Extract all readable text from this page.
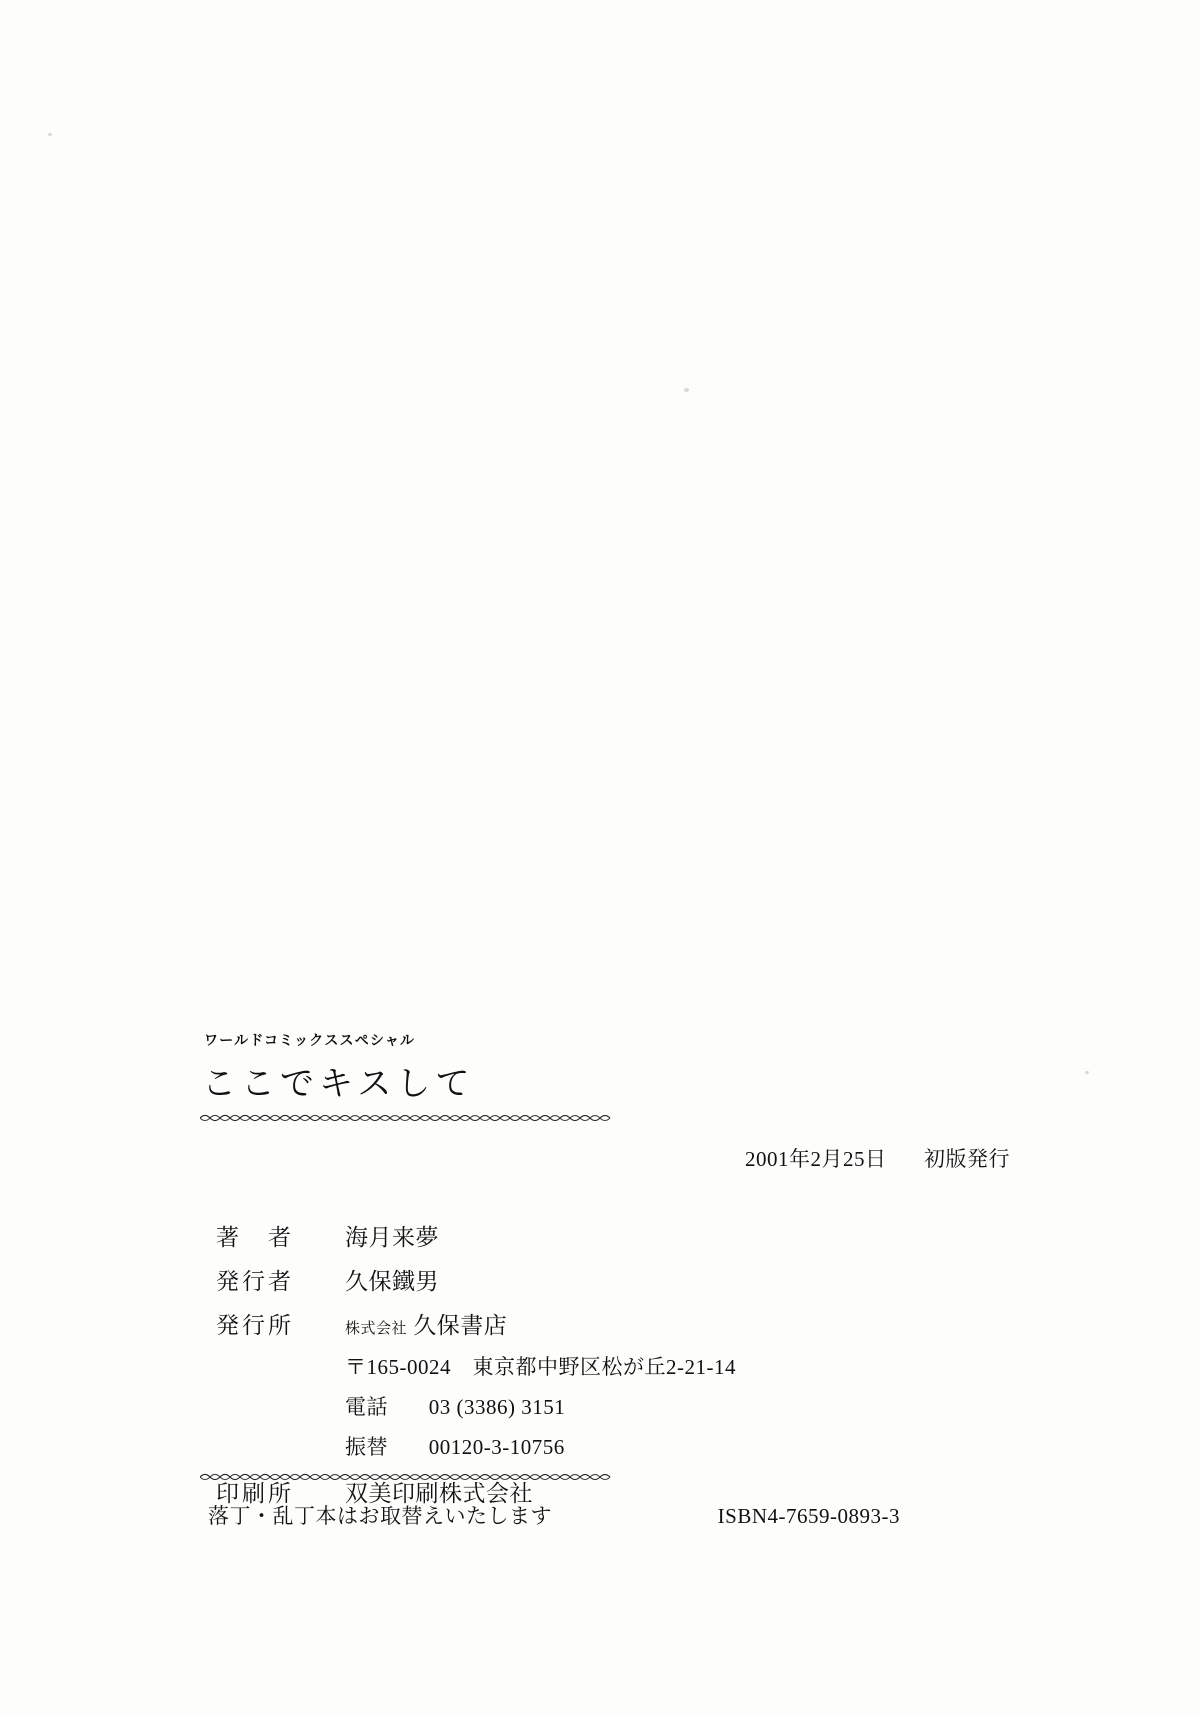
ワールドコミックススペシャル
ここでキスして
2001年2月25日 初版発行
著　者	海月来夢
発行者	久保鐵男
発行所	株式会社 久保書店
〒165-0024　東京都中野区松が丘2-21-14
電話 03 (3386) 3151
振替 00120-3-10756
印刷所	双美印刷株式会社
落丁・乱丁本はお取替えいたします	ISBN4-7659-0893-3
